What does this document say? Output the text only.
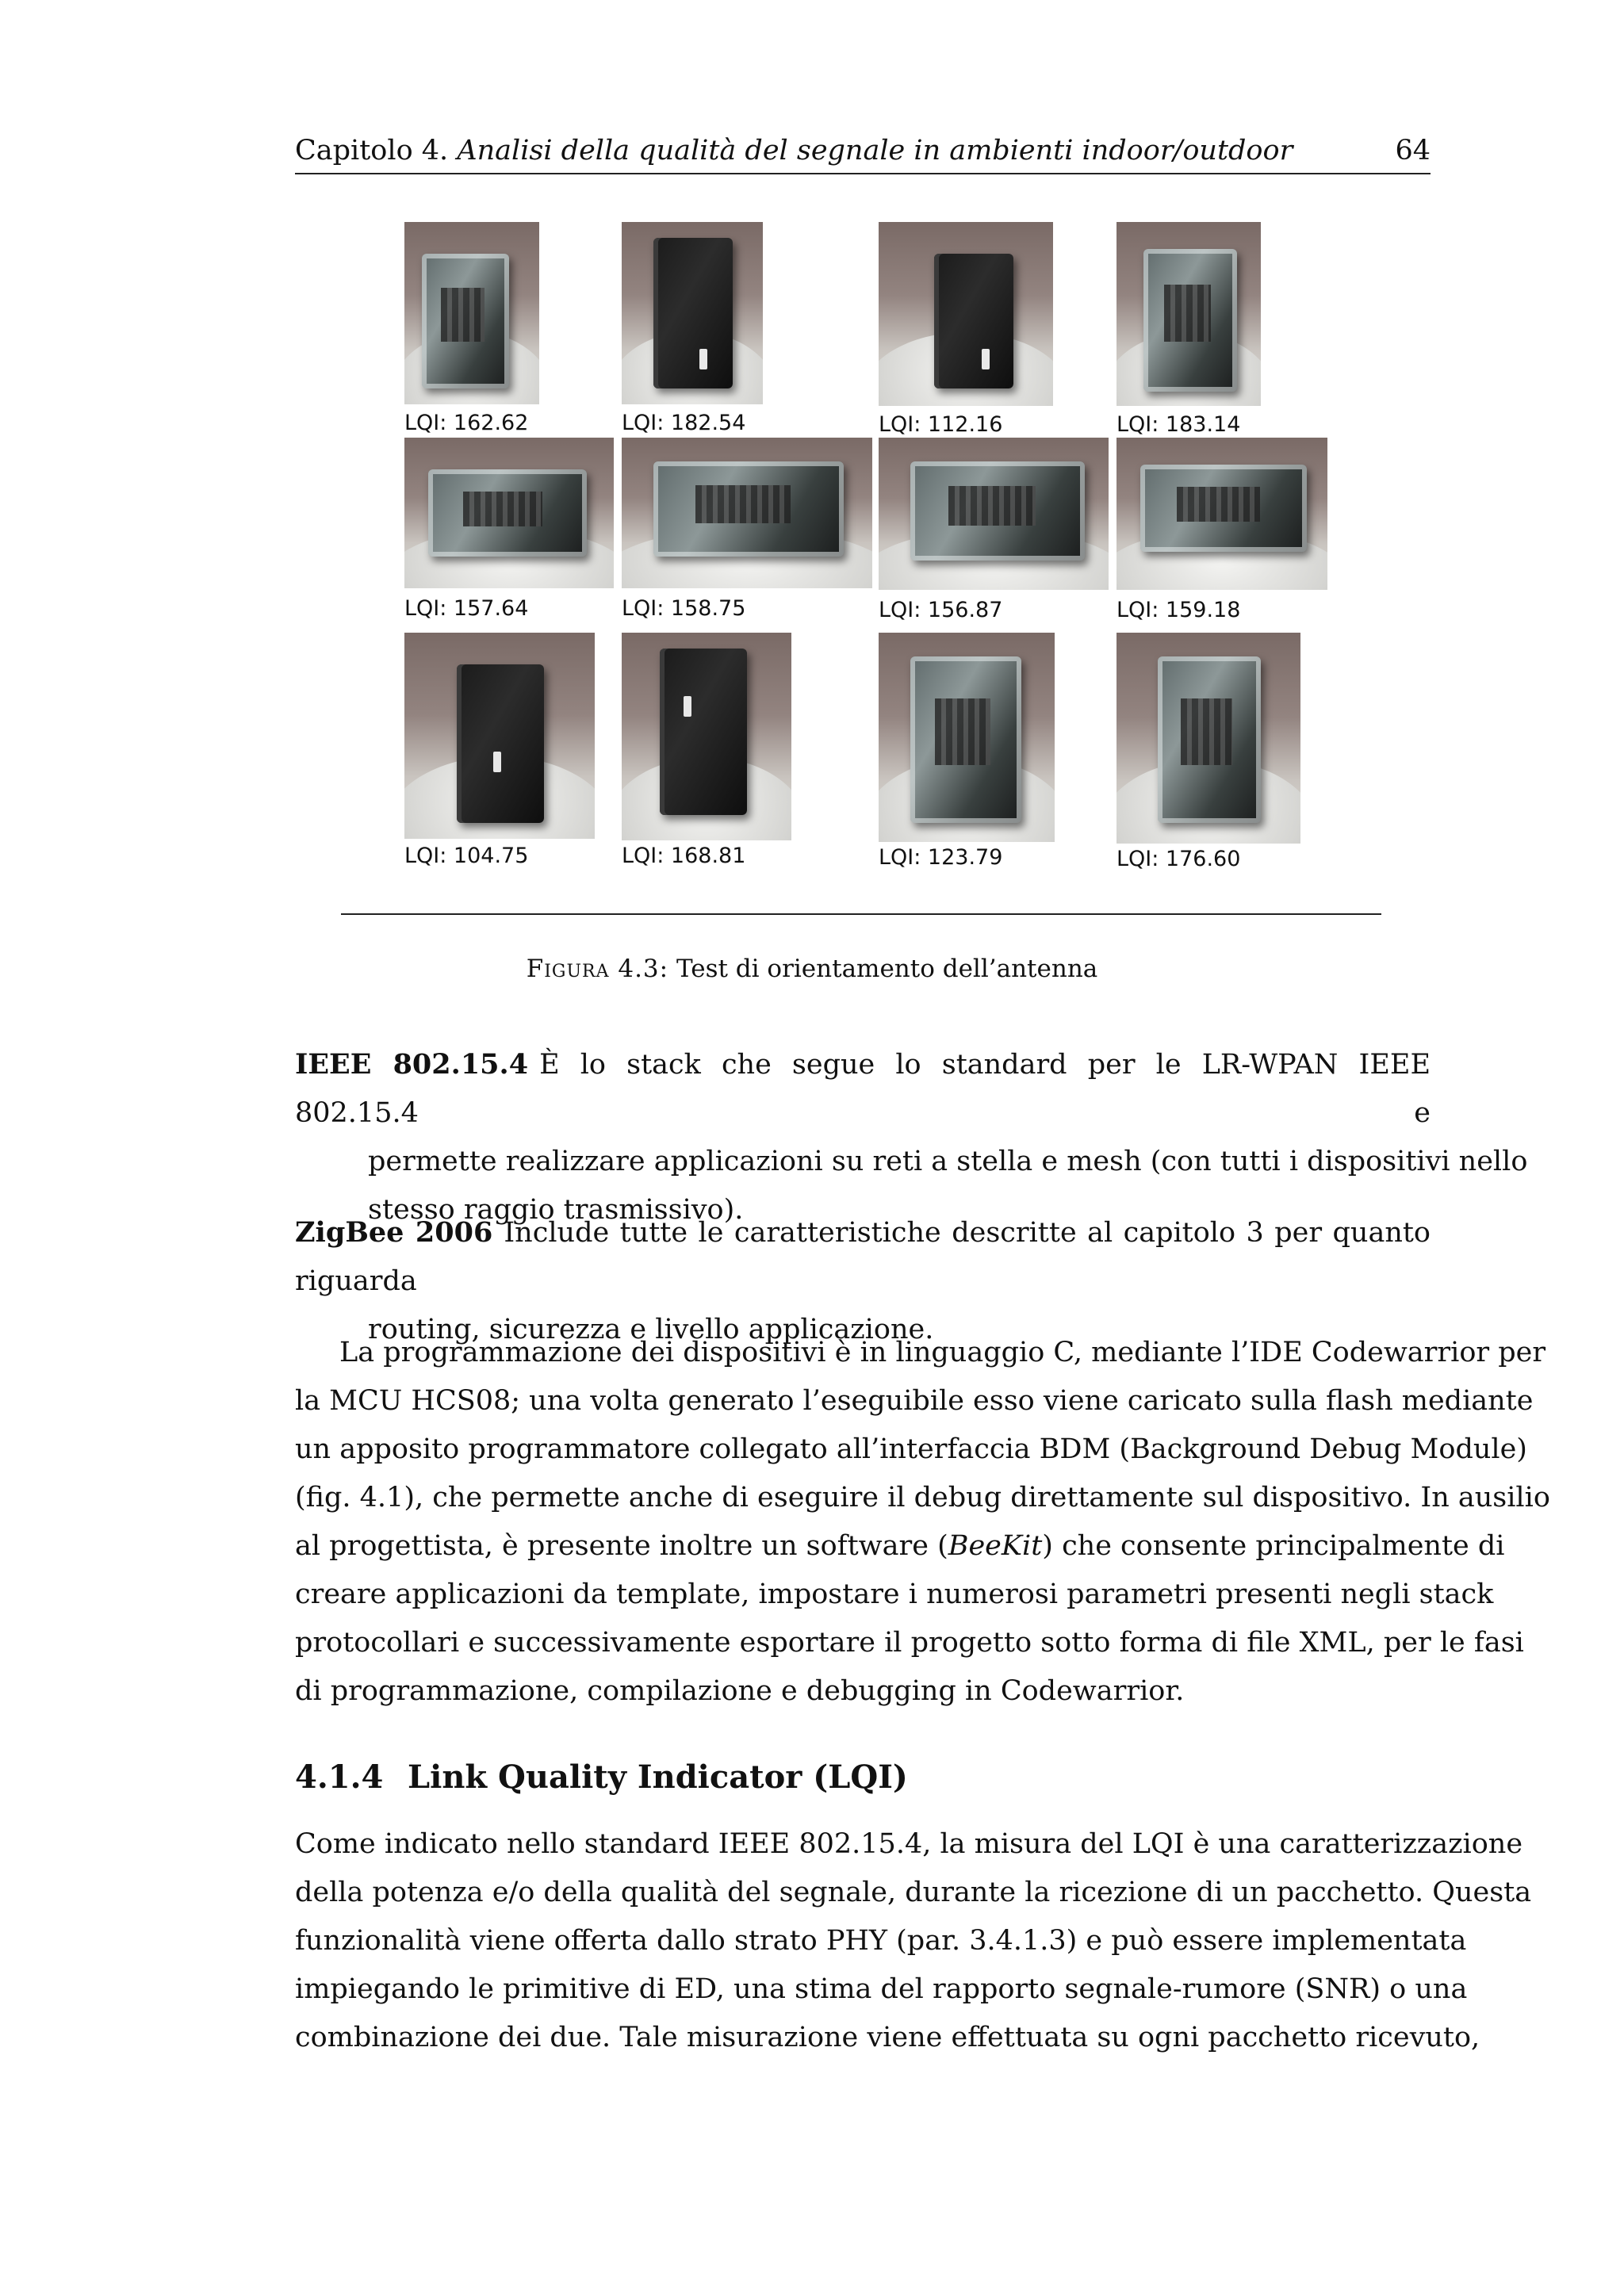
Capitolo 4. Analisi della qualità del segnale in ambienti indoor/outdoor	64
LQI: 162.62	LQI: 182.54	LQI: 112.16	LQI: 183.14
LQI: 157.64	LQI: 158.75	LQI: 156.87	LQI: 159.18
LQI: 104.75	LQI: 168.81	LQI: 123.79	LQI: 176.60
Figura 4.3: Test di orientamento dell’antenna
IEEE 802.15.4 È lo stack che segue lo standard per le LR-WPAN IEEE 802.15.4 e
permette realizzare applicazioni su reti a stella e mesh (con tutti i dispositivi nello
stesso raggio trasmissivo).
ZigBee 2006 Include tutte le caratteristiche descritte al capitolo 3 per quanto riguarda
routing, sicurezza e livello applicazione.
La programmazione dei dispositivi è in linguaggio C, mediante l’IDE Codewarrior per
la MCU HCS08; una volta generato l’eseguibile esso viene caricato sulla flash mediante
un apposito programmatore collegato all’interfaccia BDM (Background Debug Module)
(fig. 4.1), che permette anche di eseguire il debug direttamente sul dispositivo. In ausilio
al progettista, è presente inoltre un software (BeeKit) che consente principalmente di
creare applicazioni da template, impostare i numerosi parametri presenti negli stack
protocollari e successivamente esportare il progetto sotto forma di file XML, per le fasi
di programmazione, compilazione e debugging in Codewarrior.
4.1.4 Link Quality Indicator (LQI)
Come indicato nello standard IEEE 802.15.4, la misura del LQI è una caratterizzazione
della potenza e/o della qualità del segnale, durante la ricezione di un pacchetto. Questa
funzionalità viene offerta dallo strato PHY (par. 3.4.1.3) e può essere implementata
impiegando le primitive di ED, una stima del rapporto segnale-rumore (SNR) o una
combinazione dei due. Tale misurazione viene effettuata su ogni pacchetto ricevuto,
